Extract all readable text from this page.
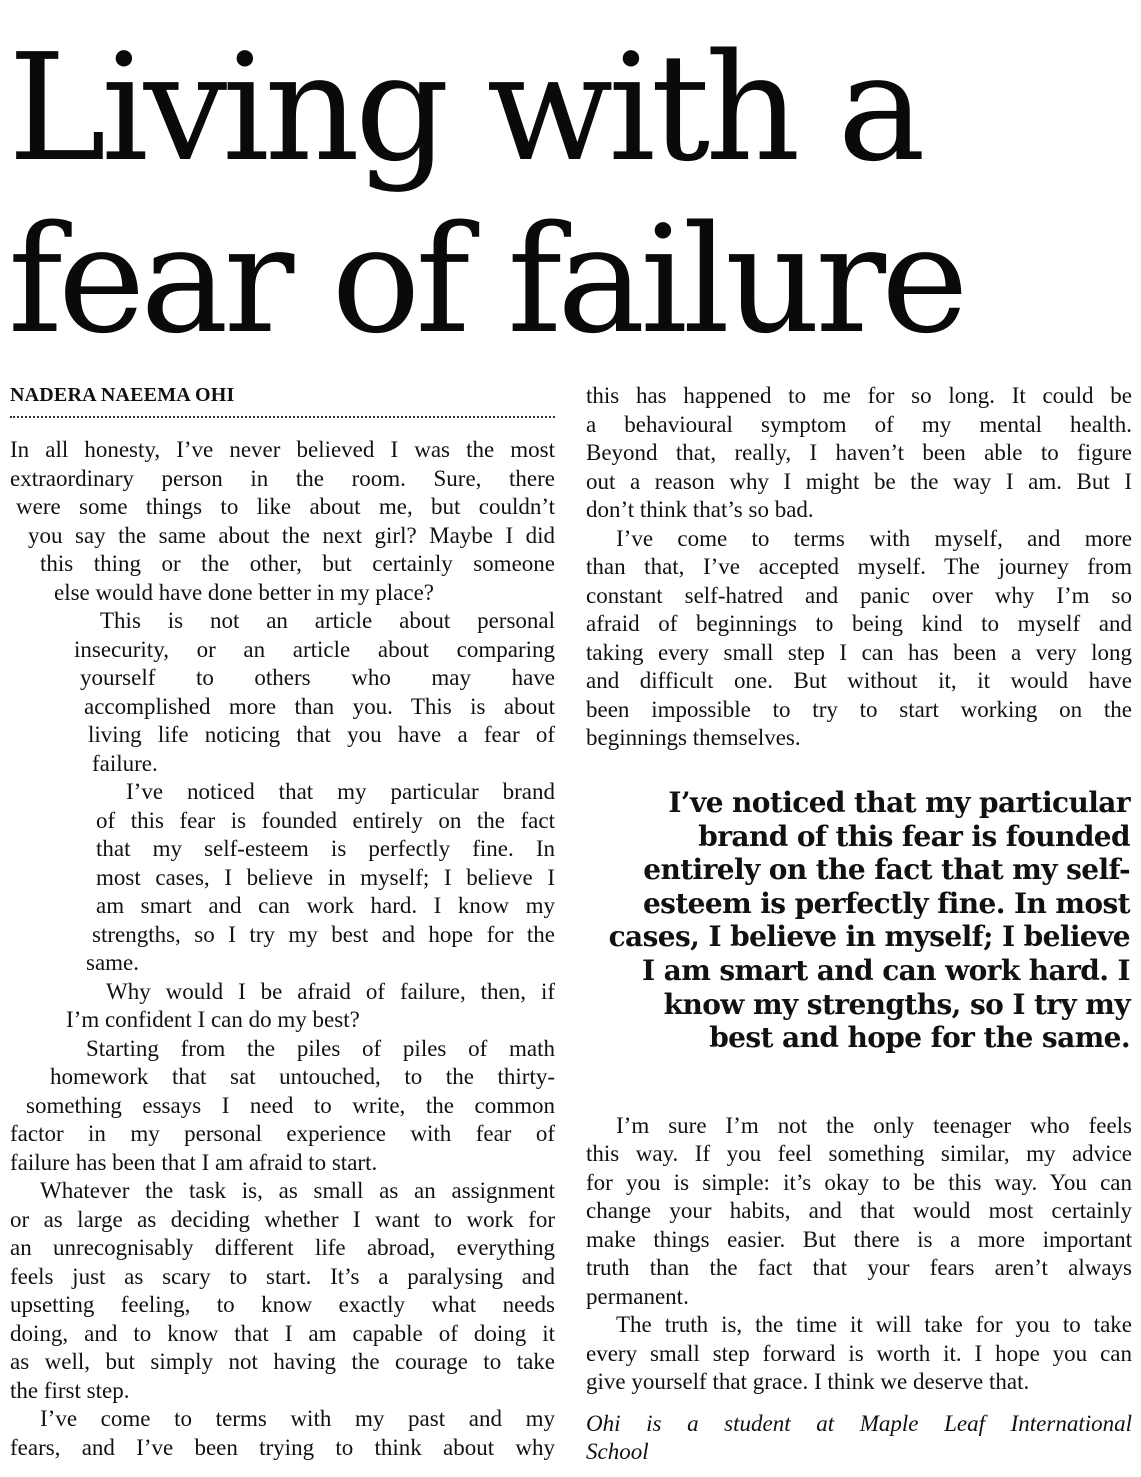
Living with a
fear of failure
NADERA NAEEMA OHI
In all honesty, I’ve never believed I was the most
extraordinary person in the room. Sure, there
were some things to like about me, but couldn’t
you say the same about the next girl? Maybe I did
this thing or the other, but certainly someone
else would have done better in my place?
This is not an article about personal
insecurity, or an article about comparing
yourself to others who may have
accomplished more than you. This is about
living life noticing that you have a fear of
failure.
I’ve noticed that my particular brand
of this fear is founded entirely on the fact
that my self-esteem is perfectly fine. In
most cases, I believe in myself; I believe I
am smart and can work hard. I know my
strengths, so I try my best and hope for the
same.
Why would I be afraid of failure, then, if
I’m confident I can do my best?
Starting from the piles of piles of math
homework that sat untouched, to the thirty-
something essays I need to write, the common
factor in my personal experience with fear of
failure has been that I am afraid to start.
Whatever the task is, as small as an assignment
or as large as deciding whether I want to work for
an unrecognisably different life abroad, everything
feels just as scary to start. It’s a paralysing and
upsetting feeling, to know exactly what needs
doing, and to know that I am capable of doing it
as well, but simply not having the courage to take
the first step.
I’ve come to terms with my past and my
fears, and I’ve been trying to think about why
this has happened to me for so long. It could be
a behavioural symptom of my mental health.
Beyond that, really, I haven’t been able to figure
out a reason why I might be the way I am. But I
don’t think that’s so bad.
I’ve come to terms with myself, and more
than that, I’ve accepted myself. The journey from
constant self-hatred and panic over why I’m so
afraid of beginnings to being kind to myself and
taking every small step I can has been a very long
and difficult one. But without it, it would have
been impossible to try to start working on the
beginnings themselves.
I’m sure I’m not the only teenager who feels
this way. If you feel something similar, my advice
for you is simple: it’s okay to be this way. You can
change your habits, and that would most certainly
make things easier. But there is a more important
truth than the fact that your fears aren’t always
permanent.
The truth is, the time it will take for you to take
every small step forward is worth it. I hope you can
give yourself that grace. I think we deserve that.
Ohi is a student at Maple Leaf International
School
I’ve noticed that my particular
brand of this fear is founded
entirely on the fact that my self-
esteem is perfectly fine. In most
cases, I believe in myself; I believe
I am smart and can work hard. I
know my strengths, so I try my
best and hope for the same.
